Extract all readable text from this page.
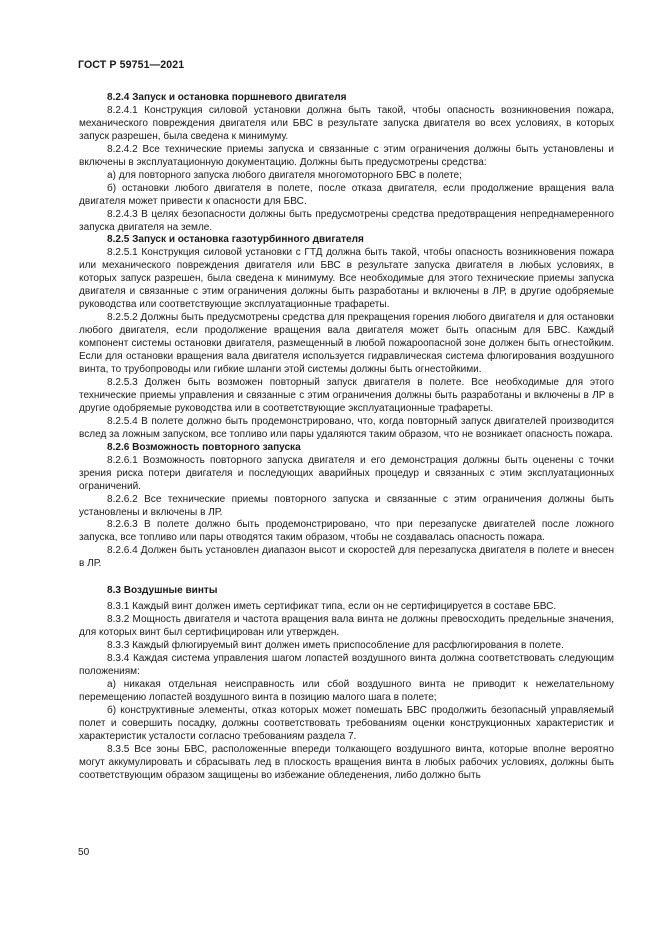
ГОСТ Р 59751—2021

8.2.4 Запуск и остановка поршневого двигателя

8.2.4.1 Конструкция силовой установки должна быть такой, чтобы опасность возникновения пожара, механического повреждения двигателя или БВС в результате запуска двигателя во всех условиях, в которых запуск разрешен, была сведена к минимуму.

8.2.4.2 Все технические приемы запуска и связанные с этим ограничения должны быть установлены и включены в эксплуатационную документацию. Должны быть предусмотрены средства:

а) для повторного запуска любого двигателя многомоторного БВС в полете;

б) остановки любого двигателя в полете, после отказа двигателя, если продолжение вращения вала двигателя может привести к опасности для БВС.

8.2.4.3 В целях безопасности должны быть предусмотрены средства предотвращения непреднамеренного запуска двигателя на земле.

8.2.5 Запуск и остановка газотурбинного двигателя

8.2.5.1 Конструкция силовой установки с ГТД должна быть такой, чтобы опасность возникновения пожара или механического повреждения двигателя или БВС в результате запуска двигателя в любых условиях, в которых запуск разрешен, была сведена к минимуму. Все необходимые для этого технические приемы запуска двигателя и связанные с этим ограничения должны быть разработаны и включены в ЛР, в другие одобряемые руководства или соответствующие эксплуатационные трафареты.

8.2.5.2 Должны быть предусмотрены средства для прекращения горения любого двигателя и для остановки любого двигателя, если продолжение вращения вала двигателя может быть опасным для БВС. Каждый компонент системы остановки двигателя, размещенный в любой пожароопасной зоне должен быть огнестойким. Если для остановки вращения вала двигателя используется гидравлическая система флюгирования воздушного винта, то трубопроводы или гибкие шланги этой системы должны быть огнестойкими.

8.2.5.3 Должен быть возможен повторный запуск двигателя в полете. Все необходимые для этого технические приемы управления и связанные с этим ограничения должны быть разработаны и включены в ЛР в другие одобряемые руководства или в соответствующие эксплуатационные трафареты.

8.2.5.4 В полете должно быть продемонстрировано, что, когда повторный запуск двигателей производится вслед за ложным запуском, все топливо или пары удаляются таким образом, что не возникает опасность пожара.

8.2.6 Возможность повторного запуска

8.2.6.1 Возможность повторного запуска двигателя и его демонстрация должны быть оценены с точки зрения риска потери двигателя и последующих аварийных процедур и связанных с этим эксплуатационных ограничений.

8.2.6.2 Все технические приемы повторного запуска и связанные с этим ограничения должны быть установлены и включены в ЛР.

8.2.6.3 В полете должно быть продемонстрировано, что при перезапуске двигателей после ложного запуска, все топливо или пары отводятся таким образом, чтобы не создавалась опасность пожара.

8.2.6.4 Должен быть установлен диапазон высот и скоростей для перезапуска двигателя в полете и внесен в ЛР.

8.3 Воздушные винты

8.3.1 Каждый винт должен иметь сертификат типа, если он не сертифицируется в составе БВС.

8.3.2 Мощность двигателя и частота вращения вала винта не должны превосходить предельные значения, для которых винт был сертифицирован или утвержден.

8.3.3 Каждый флюгируемый винт должен иметь приспособление для расфлюгирования в полете.

8.3.4 Каждая система управления шагом лопастей воздушного винта должна соответствовать следующим положениям:

а) никакая отдельная неисправность или сбой воздушного винта не приводит к нежелательному перемещению лопастей воздушного винта в позицию малого шага в полете;

б) конструктивные элементы, отказ которых может помешать БВС продолжить безопасный управляемый полет и совершить посадку, должны соответствовать требованиям оценки конструкционных характеристик и характеристик усталости согласно требованиям раздела 7.

8.3.5 Все зоны БВС, расположенные впереди толкающего воздушного винта, которые вполне вероятно могут аккумулировать и сбрасывать лед в плоскость вращения винта в любых рабочих условиях, должны быть соответствующим образом защищены во избежание обледенения, либо должно быть

50
